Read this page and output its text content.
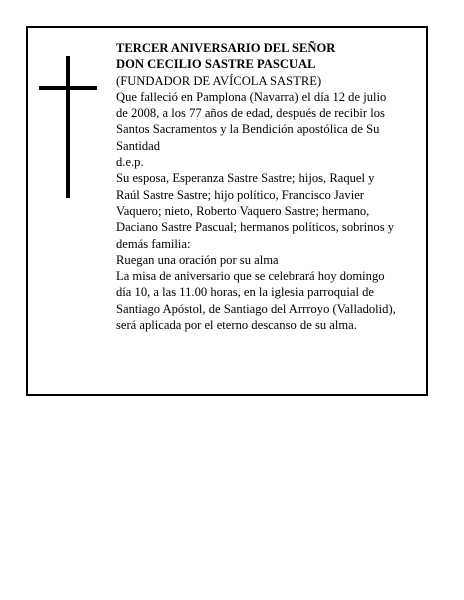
TERCER ANIVERSARIO DEL SEÑOR
DON CECILIO SASTRE PASCUAL
(FUNDADOR DE AVÍCOLA SASTRE)
Que falleció en Pamplona (Navarra) el día 12 de julio
de 2008, a los 77 años de edad, después de recibir los
Santos Sacramentos y la Bendición apostólica de Su
Santidad
d.e.p.
Su esposa, Esperanza Sastre Sastre; hijos, Raquel y
Raúl Sastre Sastre; hijo político, Francisco Javier
Vaquero; nieto, Roberto Vaquero Sastre; hermano,
Daciano Sastre Pascual; hermanos políticos, sobrinos y
demás familia:
Ruegan una oración por su alma
La misa de aniversario que se celebrará hoy domingo
día 10, a las 11.00 horas, en la iglesia parroquial de
Santiago Apóstol, de Santiago del Arrroyo (Valladolid),
será aplicada por el eterno descanso de su alma.
